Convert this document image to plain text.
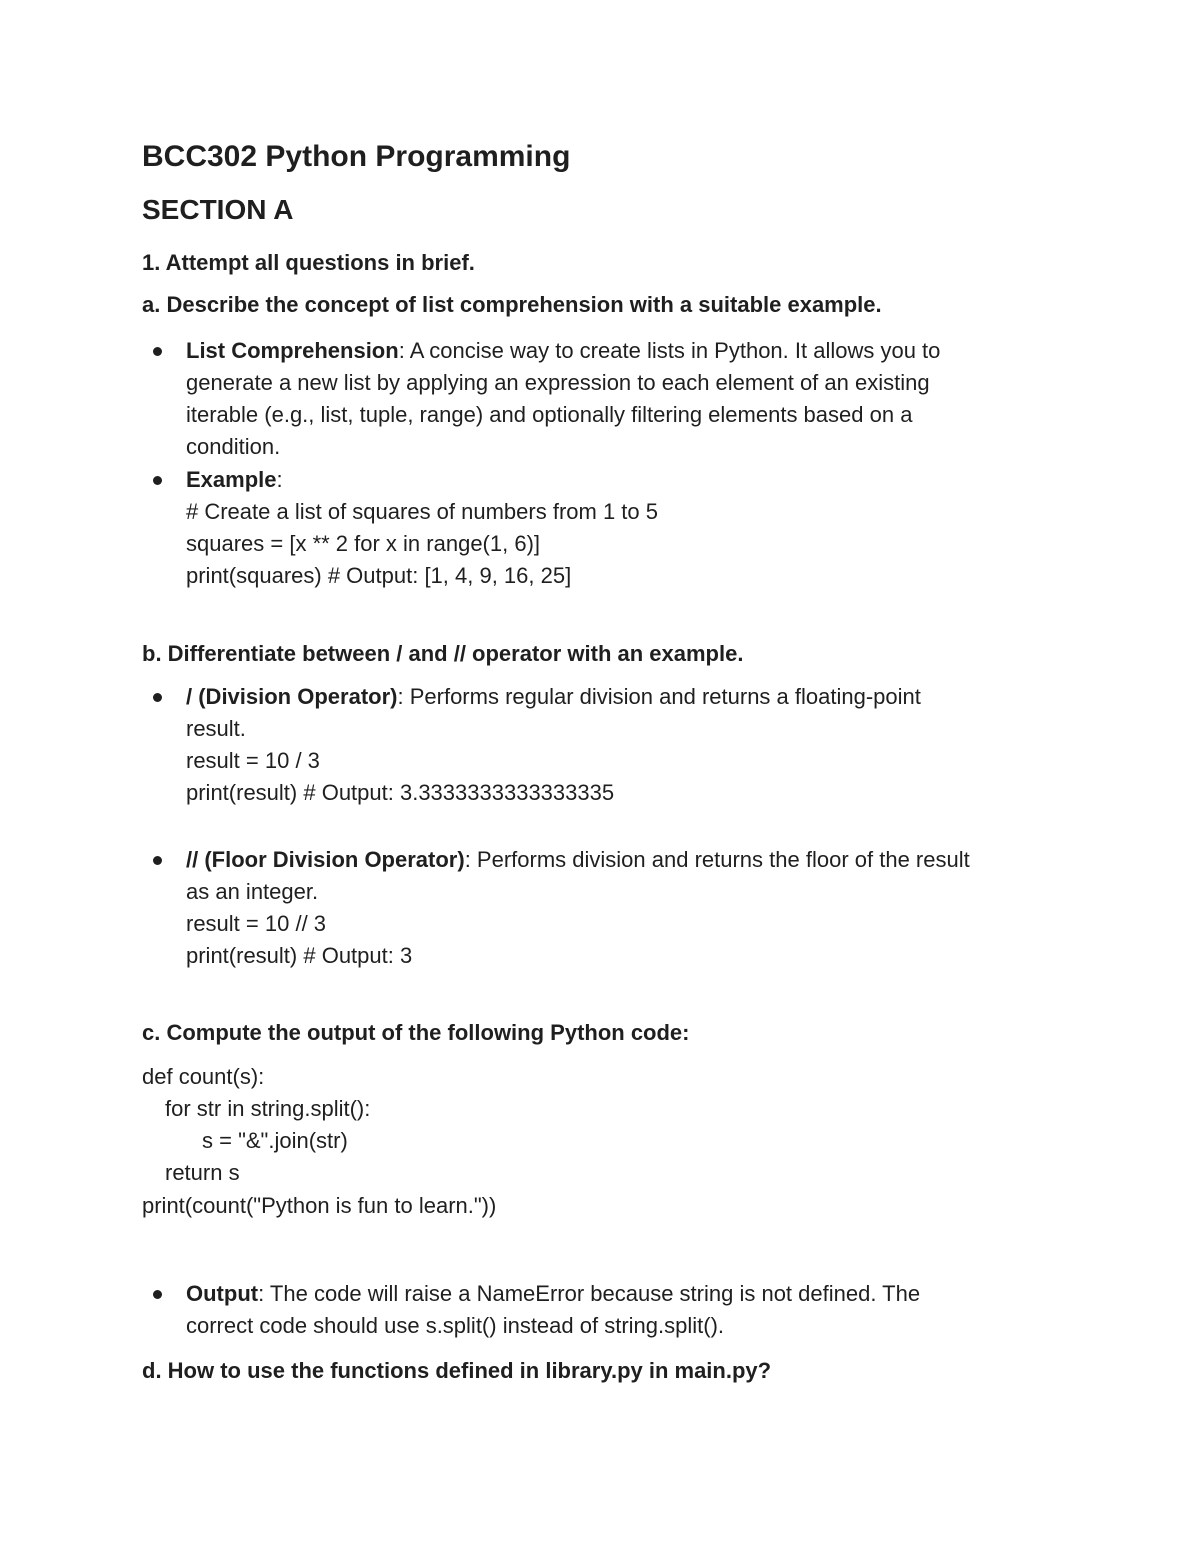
BCC302 Python Programming
SECTION A
1. Attempt all questions in brief.
a. Describe the concept of list comprehension with a suitable example.
List Comprehension: A concise way to create lists in Python. It allows you to
generate a new list by applying an expression to each element of an existing
iterable (e.g., list, tuple, range) and optionally filtering elements based on a
condition.
Example:
# Create a list of squares of numbers from 1 to 5
squares = [x ** 2 for x in range(1, 6)]
print(squares) # Output: [1, 4, 9, 16, 25]
b. Differentiate between / and // operator with an example.
/ (Division Operator): Performs regular division and returns a floating-point
result.
result = 10 / 3
print(result) # Output: 3.3333333333333335
// (Floor Division Operator): Performs division and returns the floor of the result
as an integer.
result = 10 // 3
print(result) # Output: 3
c. Compute the output of the following Python code:
def count(s):
for str in string.split():
s = "&".join(str)
return s
print(count("Python is fun to learn."))
Output: The code will raise a NameError because string is not defined. The
correct code should use s.split() instead of string.split().
d. How to use the functions defined in library.py in main.py?
